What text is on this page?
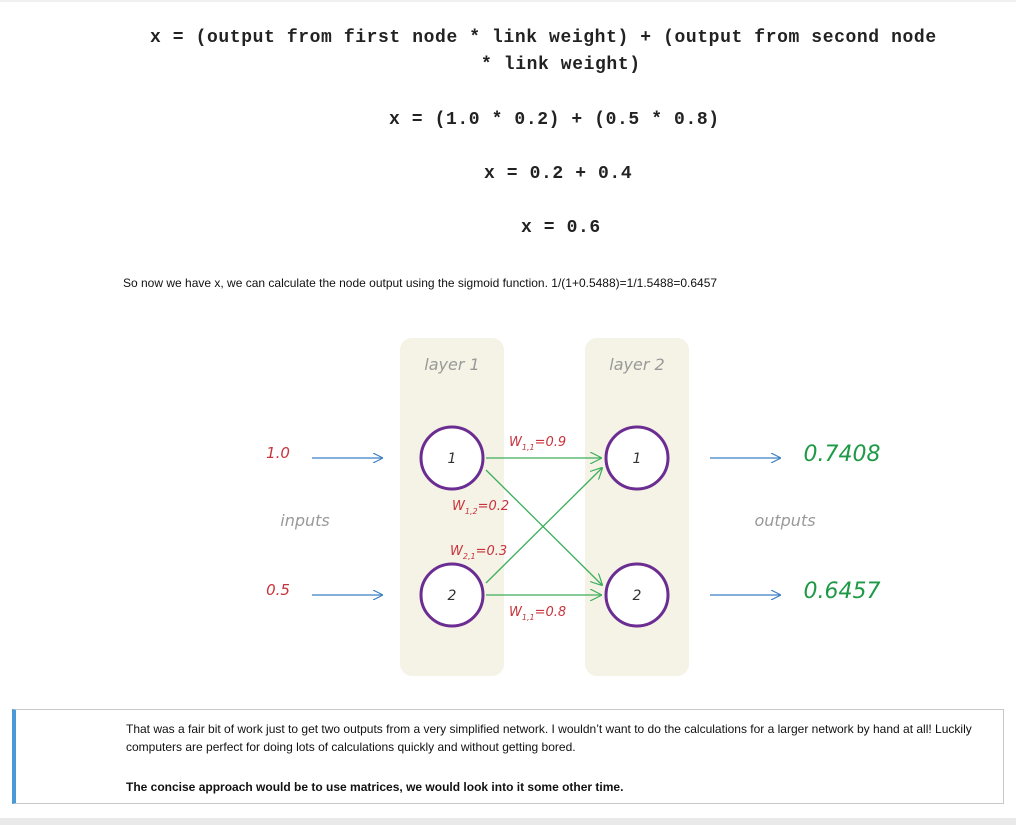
x = (output from first node * link weight) + (output from second node
* link weight)
x = (1.0 * 0.2) + (0.5 * 0.8)
x = 0.2 + 0.4
x = 0.6
So now we have x, we can calculate the node output using the sigmoid function. 1/(1+0.5488)=1/1.5488=0.6457
layer 1	layer 2
1
2
1
2
1.0
0.5
inputs
0.7408
0.6457
outputs
$W_{1,1}=0.9$
$W_{1,2}=0.2$
$W_{2,1}=0.3$
$W_{1,1}=0.8$
That was a fair bit of work just to get two outputs from a very simplified network. I wouldn’t want to do the calculations for a larger network by hand at all! Luckily computers are perfect for doing lots of calculations quickly and without getting bored.
The concise approach would be to use matrices, we would look into it some other time.
